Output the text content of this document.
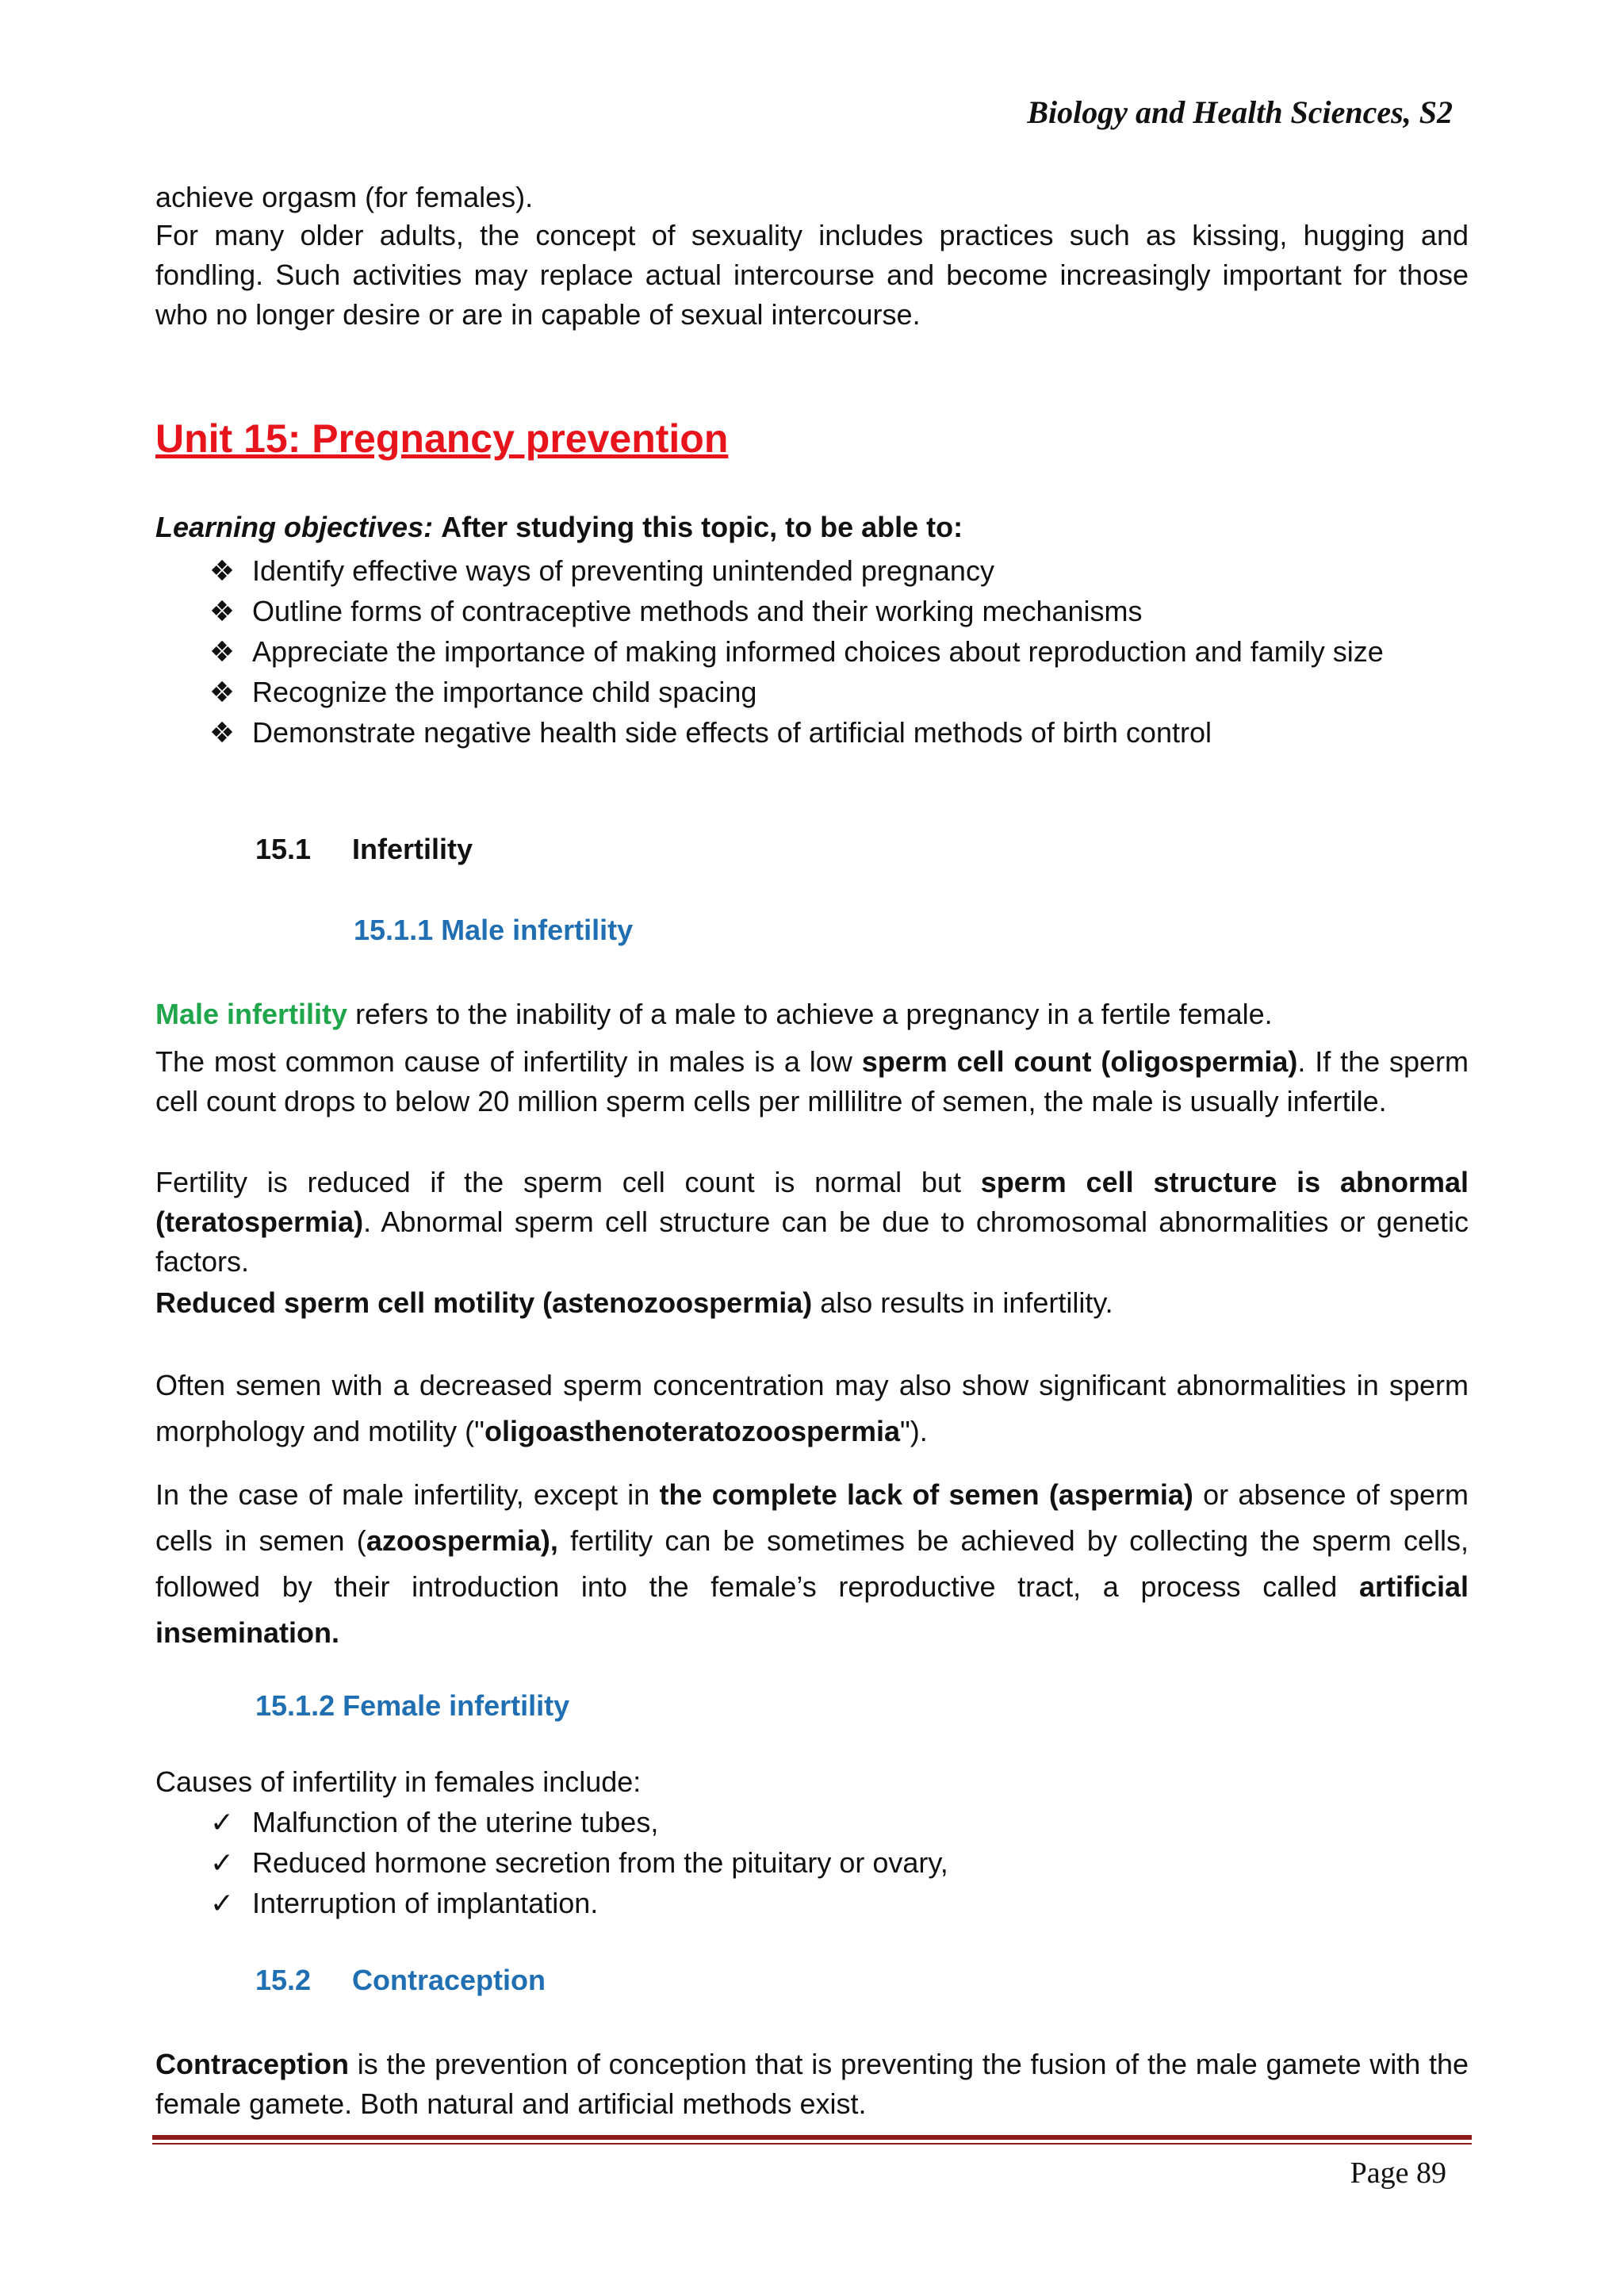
Biology and Health Sciences, S2

achieve orgasm (for females).

For many older adults, the concept of sexuality includes practices such as kissing, hugging and fondling. Such activities may replace actual intercourse and become increasingly important for those who no longer desire or are in capable of sexual intercourse.

Unit 15: Pregnancy prevention
Learning objectives: After studying this topic, to be able to:
❖ Identify effective ways of preventing unintended pregnancy
❖ Outline forms of contraceptive methods and their working mechanisms
❖ Appreciate the importance of making informed choices about reproduction and family size
❖ Recognize the importance child spacing
❖ Demonstrate negative health side effects of artificial methods of birth control
15.1 Infertility
15.1.1 Male infertility

Male infertility refers to the inability of a male to achieve a pregnancy in a fertile female.

The most common cause of infertility in males is a low sperm cell count (oligospermia). If the sperm cell count drops to below 20 million sperm cells per millilitre of semen, the male is usually infertile.

Fertility is reduced if the sperm cell count is normal but sperm cell structure is abnormal (teratospermia). Abnormal sperm cell structure can be due to chromosomal abnormalities or genetic factors.

Reduced sperm cell motility (astenozoospermia) also results in infertility.

Often semen with a decreased sperm concentration may also show significant abnormalities in sperm morphology and motility ("oligoasthenoteratozoospermia").

In the case of male infertility, except in the complete lack of semen (aspermia) or absence of sperm cells in semen (azoospermia), fertility can be sometimes be achieved by collecting the sperm cells, followed by their introduction into the female’s reproductive tract, a process called artificial insemination.

15.1.2 Female infertility

Causes of infertility in females include:

✓ Malfunction of the uterine tubes,
✓ Reduced hormone secretion from the pituitary or ovary,
✓ Interruption of implantation.
15.2 Contraception

Contraception is the prevention of conception that is preventing the fusion of the male gamete with the female gamete. Both natural and artificial methods exist.

Page 89
